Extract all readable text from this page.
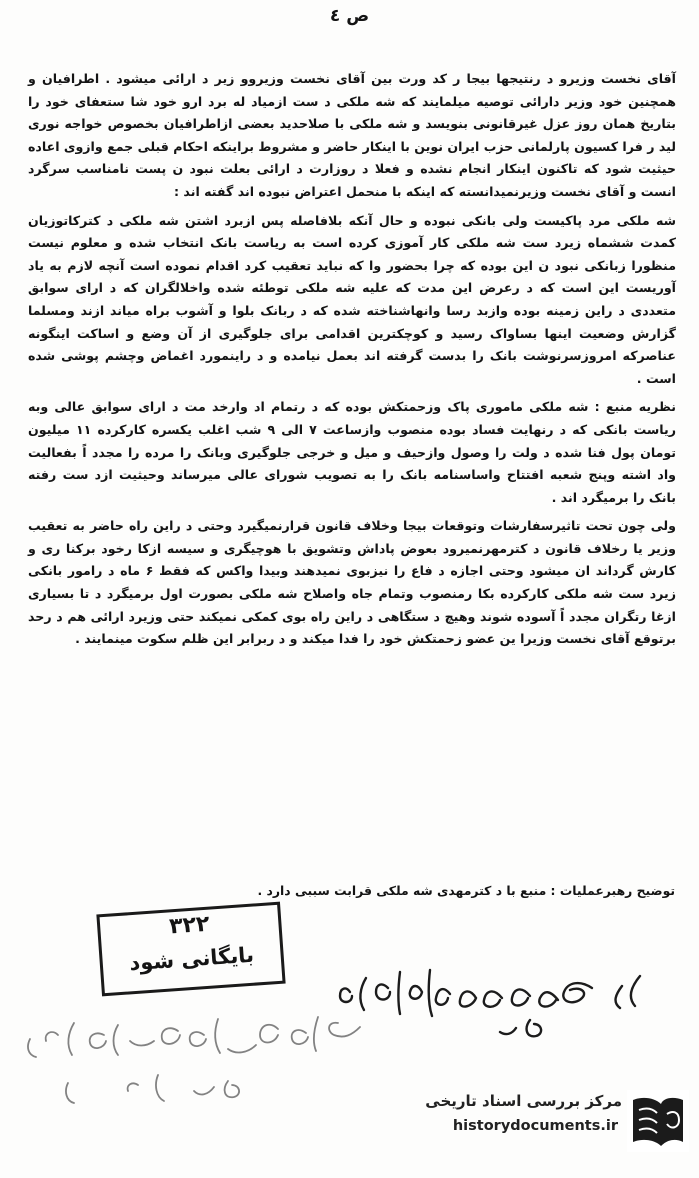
ص ٤

آقای نخست وزیرو د رنتیجها بیجا ر کد ورت بین آقای نخست وزیروو زیر د ارائی میشود . اطرافیان و همچنین خود وزیر دارائی توصیه میلمایند که شه ملکی د ست ازمیاد له برد ارو خود شا ستعفای خود را بتاریخ همان روز عزل غیرقانونی بنویسد و شه ملکی با صلاحدید بعضی ازاطرافیان بخصوص خواجه نوری لید ر فرا کسیون پارلمانی حزب ایران نوین با اینکار حاضر و مشروط براینکه احکام قبلی جمع وازوی اعاده حیثیت شود که تاکنون اینکار انجام نشده و فعلا د روزارت د ارائی بعلت نبود ن پست نامناسب سرگرد انست و آقای نخست وزیرنمیدانسته که اینکه با منحمل اعتراض نبوده اند گفته اند :

شه ملکی مرد پاکیست ولی بانکی نبوده و حال آنکه بلافاصله پس ازبرد اشتن شه ملکی د کترکاتوزیان کمدت ششماه زیرد ست شه ملکی کار آموزی کرده است به ریاست بانک انتخاب شده و معلوم نیست منظورا زبانکی نبود ن این بوده که چرا بحضور وا که نباید تعقیب کرد اقدام نموده است آنچه لازم به یاد آوریست این است که د رعرض این مدت که علیه شه ملکی توطئه شده واخلالگران که د ارای سوابق متعددی د راین زمینه بوده وازبد رسا وانهاشناخته شده که د ربانک بلوا و آشوب براه میاند ازند ومسلما گزارش وضعیت اینها بساواک رسید و کوچکترین اقدامی برای جلوگیری از آن وضع و اساکت اینگونه عناصرکه امروزسرنوشت بانک را بدست گرفته اند بعمل نیامده و د راینمورد اغماض وچشم پوشی شده است .

نظریه منبع : شه ملکی ماموری پاک وزحمتکش بوده که د رتمام اد وارخد مت د ارای سوابق عالی وبه ریاست بانکی که د رنهایت فساد بوده منصوب وازساعت ۷ الی ۹ شب اغلب یکسره کارکرده ۱۱ میلیون تومان پول فنا شده د ولت را وصول وازحیف و میل و خرجی جلوگیری وبانک را مرده را مجدد اً بفعالیت واد اشته وپنج شعبه افتتاح واساسنامه بانک را به تصویب شورای عالی میرساند وحیثیت ازد ست رفته بانک را برمیگرد اند .

ولی چون تحت تاثیرسفارشات وتوقعات بیجا وخلاف قانون قرارنمیگیرد وحتی د راین راه حاضر به تعقیب وزیر یا رخلاف قانون د کترمهرنمیرود بعوض پاداش وتشویق با هوچیگری و سیسه ازکا رخود برکنا ری و کارش گرداند ان میشود وحتی اجازه د فاع را نیزبوی نمیدهند وبیدا واکس که فقط ۶ ماه د رامور بانکی زیرد ست شه ملکی کارکرده بکا رمنصوب وتمام جاه واصلاح شه ملکی بصورت اول برمیگرد د تا بسیاری ازغا رتگران مجدد اً آسوده شوند وهیچ د ستگاهی د راین راه بوی کمکی نمیکند حتی وزیرد ارائی هم د رحد برتوقع آقای نخست وزیرا ین عضو زحمتکش خود را فدا میکند و د ربرابر این ظلم سکوت مینمایند .

توضیح رهبرعملیات : منبع با د کترمهدی شه ملکی قرابت سببی دارد .
۳۲۲
بایگانی شود
مرکز بررسی اسناد تاریخی
historydocuments.ir
